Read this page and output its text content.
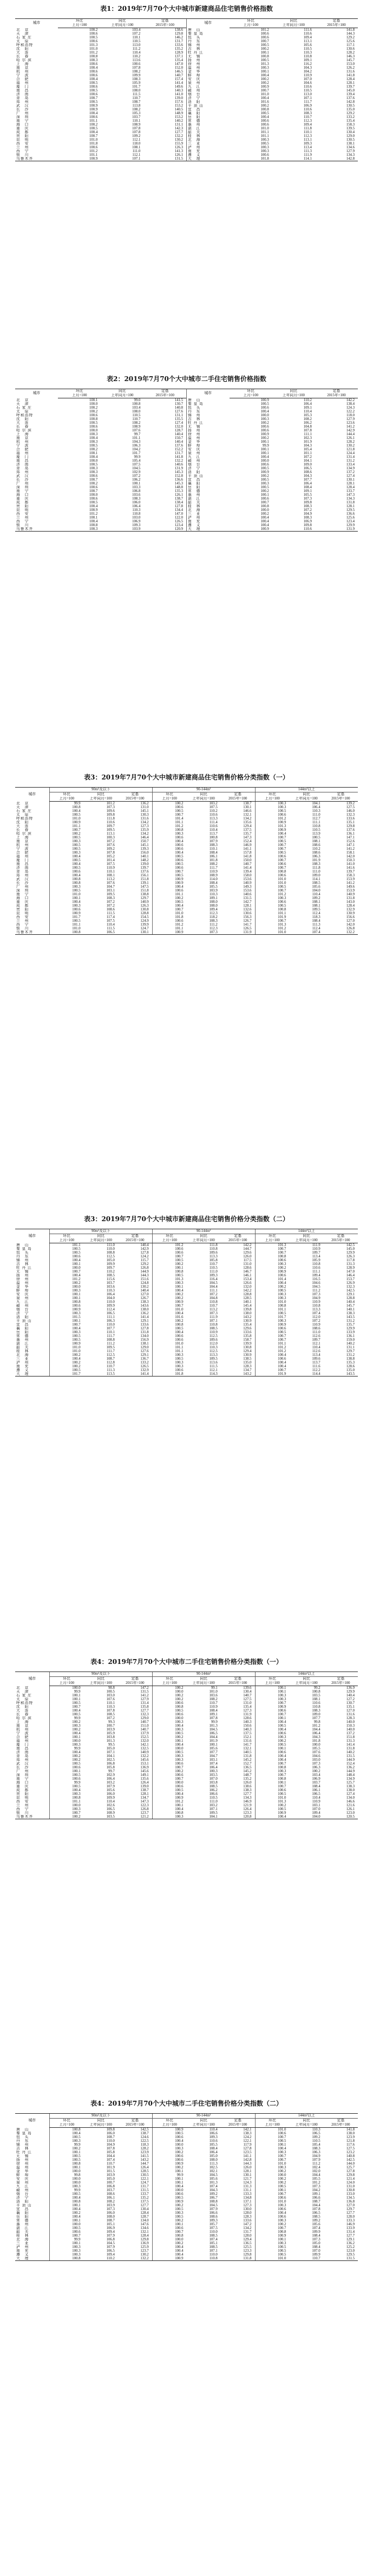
表1：2019年7月70个大中城市新建商品住宅销售价格指数
城市	环比	同比	定基	城市	环比	同比	定基
	上月=100	上年同月=100	2015年=100		上月=100	上年同月=100	2015年=100
北　京	100.2	103.4	138.6	唐　山	101.2	111.6	141.8
天　津	100.6	107.2	129.8	秦 皇 岛	100.6	110.6	144.3
石 家 庄	100.5	110.1	146.2	包　头	100.6	109.4	129.2
太　原	100.6	110.5	131.7	丹　东	100.7	113.1	125.6
呼和浩特	101.3	113.0	133.6	锦　州	100.5	105.6	117.1
沈　阳	101.0	111.2	135.2	吉　林	100.2	110.5	130.6
大　连	101.2	110.4	128.9	牡 丹 江	100.1	110.3	128.2
长　春	100.8	110.2	137.1	无　锡	100.8	110.8	146.3
哈 尔 滨	100.3	113.6	135.4	扬　州	100.5	109.1	145.7
上　海	100.6	100.6	147.0	徐　州	101.3	116.2	153.0
南　京	100.4	107.8	152.0	温　州	100.3	104.3	126.2
杭　州	100.6	108.2	146.5	金　华	100.1	104.2	131.6
宁　波	100.6	109.9	140.7	蚌　埠	100.4	110.9	141.8
合　肥	100.4	108.3	157.4	安　庆	100.2	107.0	128.4
福　州	100.5	105.9	141.4	泉　州	100.2	104.6	128.1
厦　门	100.6	101.7	149.6	九　江	100.9	110.6	139.7
南　昌	100.5	108.0	140.3	赣　州	100.7	110.5	145.0
济　南	100.6	111.5	141.0	烟　台	101.0	113.0	139.4
青　岛	100.7	110.7	139.0	济　宁	100.4	107.1	137.6
郑　州	100.5	108.7	157.6	洛　阳	101.6	111.7	142.8
武　汉	100.9	113.8	153.2	平 顶 山	100.2	106.9	130.5
长　沙	100.9	108.2	140.5	宜　昌	100.8	110.6	135.0
广　州	100.4	105.3	148.9	襄　阳	100.5	108.3	129.2
深　圳	100.6	103.7	153.2	岳　阳	100.4	110.7	133.2
南　宁	101.1	110.1	140.2	常　德	100.6	112.3	135.4
海　口	100.2	108.9	131.1	惠　州	100.6	109.4	158.3
重　庆	100.5	107.8	142.3	湛　江	101.0	111.8	139.5
成　都	100.4	107.8	127.7	韶　关	101.1	110.1	130.4
贵　阳	100.7	109.2	132.2	桂　林	101.1	112.3	129.0
昆　明	101.0	112.1	130.2	北　海	100.3	113.1	130.5
西　安	101.8	118.0	155.9	三　亚	100.5	109.3	138.1
兰　州	100.6	108.1	126.3	泸　州	100.3	113.4	134.6
西　宁	101.2	111.0	141.3	南　充	100.3	111.3	127.9
银　川	101.1	112.1	126.1	遵　义	100.6	111.9	134.3
乌鲁木齐	100.9	107.1	131.5	大　理	101.8	114.1	142.8
表2：2019年7月70个大中城市二手住宅销售价格指数
城市	环比	同比	定基	城市	环比	同比	定基
	上月=100	上年同月=100	2015年=100		上月=100	上年同月=100	2015年=100
北　京	100.1	99.0	141.5	唐　山	100.9	110.2	142.2
天　津	100.0	100.8	130.7	秦 皇 岛	100.5	106.4	138.4
石 家 庄	100.2	103.4	140.8	包　头	100.6	109.1	124.3
太　原	100.2	108.0	127.6	丹　东	100.4	110.4	122.2
呼和浩特	100.6	110.5	131.1	锦　州	100.0	105.3	118.0
沈　阳	100.8	110.7	135.5	吉　林	100.3	108.2	127.9
大　连	100.5	108.2	127.4	牡 丹 江	100.2	106.2	123.6
长　春	100.6	108.9	132.0	无　锡	100.6	104.8	141.2
哈 尔 滨	100.0	107.6	128.7	扬　州	100.6	107.8	142.9
上　海	100.3	99.7	140.4	徐　州	100.9	111.1	144.4
南　京	100.4	101.1	150.7	温　州	100.2	102.3	126.1
杭　州	100.3	104.3	140.4	金　华	100.1	101.9	128.2
宁　波	100.5	106.3	137.6	蚌　埠	99.9	104.3	130.2
合　肥	100.2	104.2	152.2	安　庆	100.1	105.4	121.8
福　州	100.1	101.7	131.7	泉　州	100.1	101.1	124.4
厦　门	100.4	99.9	141.8	九　江	100.4	107.2	131.4
南　昌	100.0	105.4	132.2	赣　州	100.0	104.1	131.2
济　南	100.5	107.5	140.6	烟　台	100.6	109.0	133.4
青　岛	100.3	104.5	131.9	济　宁	100.5	106.5	134.9
郑　州	100.3	102.9	145.3	洛　阳	100.9	108.6	137.2
武　汉	100.6	107.2	152.8	平 顶 山	100.2	104.3	127.4
长　沙	100.7	106.2	136.6	宜　昌	100.5	107.7	130.1
广　州	100.2	100.1	145.3	襄　阳	100.3	106.4	128.1
深　圳	100.6	103.3	148.8	岳　阳	100.5	108.4	128.4
南　宁	100.7	106.8	135.3	常　德	100.2	109.1	133.7
海　口	100.0	103.6	126.1	惠　州	100.1	105.5	147.3
重　庆	100.6	108.3	138.7	湛　江	100.6	107.3	134.3
成　都	100.5	106.0	138.4	韶　关	100.7	109.8	131.8
贵　阳	100.4	106.4	127.8	桂　林	100.8	108.3	128.1
昆　明	100.9	110.3	134.4	北　海	100.0	107.2	129.5
西　安	101.2	110.8	147.0	三　亚	100.2	104.9	136.6
兰　州	100.1	103.0	122.0	泸　州	100.4	108.3	125.6
西　宁	100.4	106.9	126.5	南　充	100.4	106.9	123.4
银　川	100.8	109.3	123.4	遵　义	100.4	109.8	129.9
乌鲁木齐	100.3	103.9	120.9	大　理	100.9	110.6	131.9
表3：2019年7月70个大中城市新建商品住宅销售价格分类指数（一）
城市	90m²及以下			90-144m²			144m²以上		
	环比	同比	定基	环比	同比	定基	环比	同比	定基
	上月=100	上年同月=100	2015年=100	上月=100	上年同月=100	2015年=100	上月=100	上年同月=100	2015年=100
北　京	99.9	101.2	136.2	100.2	103.2	138.7	100.3	104.1	139.2
天　津	100.8	107.3	131.0	100.6	107.5	130.1	100.3	106.4	127.5
石 家 庄	100.4	109.6	145.1	100.5	110.2	146.6	100.5	110.3	146.0
太　原	100.5	109.8	130.3	100.7	110.6	132.1	100.6	111.0	132.3
呼和浩特	101.0	111.8	131.6	101.4	113.3	134.2	101.2	112.7	133.6
沈　阳	100.9	110.6	134.2	101.1	111.4	135.6	100.9	111.1	135.1
大　连	101.1	109.7	127.3	101.2	110.6	129.4	101.3	110.8	129.8
长　春	100.7	109.5	135.9	100.8	110.4	137.5	100.9	110.5	137.6
哈 尔 滨	100.2	113.1	134.2	100.3	113.7	135.7	100.4	113.9	136.1
上　海	100.5	100.3	146.4	100.6	100.8	147.3	100.7	100.5	147.1
南　京	100.3	107.2	150.7	100.4	107.9	152.4	100.5	108.1	152.6
杭　州	100.5	107.6	145.1	100.6	108.3	146.9	100.7	108.6	147.1
宁　波	100.5	109.2	139.3	100.6	110.1	141.1	100.7	110.2	141.2
合　肥	100.3	107.8	156.0	100.4	108.4	157.8	100.5	108.6	158.1
福　州	100.4	105.2	140.1	100.5	106.1	141.8	100.6	106.3	142.0
厦　门	100.5	101.4	148.2	100.6	101.8	150.0	100.7	101.9	150.3
南　昌	100.4	107.5	139.0	100.5	108.2	140.7	100.6	108.3	141.0
济　南	100.5	110.9	139.7	100.6	111.7	141.4	100.7	111.8	141.6
青　岛	100.6	110.1	137.6	100.7	110.9	139.4	100.8	111.0	139.7
郑　州	100.4	108.1	156.1	100.5	108.9	158.0	100.6	109.0	158.3
武　汉	100.8	113.2	151.8	100.9	114.0	153.6	101.0	114.1	153.9
长　沙	100.8	107.6	139.1	100.9	108.4	140.9	101.0	108.5	141.2
广　州	100.3	104.7	147.5	100.4	105.5	149.3	100.5	105.6	149.6
深　圳	100.5	103.1	151.8	100.6	103.9	153.6	100.7	104.0	153.9
南　宁	101.0	109.5	138.8	101.1	110.3	140.6	101.2	110.4	140.9
海　口	100.1	108.3	129.7	100.2	109.1	131.5	100.3	109.2	131.8
重　庆	100.4	107.2	140.9	100.5	108.0	142.7	100.6	108.1	143.0
成　都	100.3	107.2	126.3	100.4	108.0	128.1	100.5	108.1	128.4
贵　阳	100.6	108.6	130.8	100.7	109.4	132.6	100.8	109.5	132.9
昆　明	100.9	111.5	128.8	101.0	112.3	130.6	101.1	112.4	130.9
西　安	101.7	117.4	154.5	101.8	118.2	156.3	101.9	118.3	156.6
兰　州	100.5	107.5	124.9	100.6	108.3	126.7	100.7	108.4	127.0
西　宁	101.1	110.4	139.9	101.2	111.2	141.7	101.3	111.3	142.0
银　川	101.0	111.5	124.7	101.1	112.3	126.5	101.2	112.4	126.8
乌鲁木齐	100.8	106.5	130.1	100.9	107.3	131.9	101.0	107.4	132.2
表3：2019年7月70个大中城市新建商品住宅销售价格分类指数（二）
城市	90m²及以下			90-144m²			144m²以上		
	环比	同比	定基	环比	同比	定基	环比	同比	定基
	上月=100	上年同月=100	2015年=100	上月=100	上年同月=100	2015年=100	上月=100	上年同月=100	2015年=100
唐　山	101.1	111.0	140.4	101.2	111.8	142.2	101.3	111.9	142.5
秦 皇 岛	100.5	110.0	142.9	100.6	110.8	144.7	100.7	110.9	145.0
包　头	100.5	108.8	127.8	100.6	109.6	129.6	100.7	109.7	129.9
丹　东	100.6	112.5	124.2	100.7	113.3	126.0	100.8	113.4	126.3
锦　州	100.4	105.0	115.7	100.5	105.8	117.5	100.6	105.9	117.8
吉　林	100.1	109.9	129.2	100.2	110.7	131.0	100.3	110.8	131.3
牡 丹 江	100.0	109.7	126.8	100.1	110.5	128.6	100.2	110.6	128.9
无　锡	100.7	110.2	144.9	100.8	111.0	146.7	100.9	111.1	147.0
扬　州	100.4	108.5	144.3	100.5	109.3	146.1	100.6	109.4	146.4
徐　州	101.2	115.6	151.6	101.3	116.4	153.4	101.4	116.5	153.7
温　州	100.2	103.7	124.8	100.3	104.5	126.6	100.4	104.6	126.9
金　华	100.0	103.6	130.2	100.1	104.4	132.0	100.2	104.5	132.3
蚌　埠	100.3	110.3	140.4	100.4	111.1	142.2	100.5	111.2	142.5
安　庆	100.1	106.4	127.0	100.2	107.2	128.8	100.3	107.3	129.1
泉　州	100.1	104.0	126.7	100.2	104.8	128.5	100.3	104.9	128.8
九　江	100.8	110.0	138.3	100.9	110.8	140.1	101.0	110.9	140.4
赣　州	100.6	109.9	143.6	100.7	110.7	145.4	100.8	110.8	145.7
烟　台	100.9	112.4	138.0	101.0	113.2	139.8	101.1	113.3	140.1
济　宁	100.3	106.5	136.2	100.4	107.3	138.0	100.5	107.4	138.3
洛　阳	101.5	111.1	141.4	101.6	111.9	143.2	101.7	112.0	143.5
平 顶 山	100.1	106.3	129.1	100.2	107.1	130.9	100.3	107.2	131.2
宜　昌	100.7	110.0	133.6	100.8	110.8	135.4	100.9	110.9	135.7
襄　阳	100.4	107.7	127.8	100.5	108.5	129.6	100.6	108.6	129.9
岳　阳	100.3	110.1	131.8	100.4	110.9	133.6	100.5	111.0	133.9
常　德	100.5	111.7	134.0	100.6	112.5	135.8	100.7	112.6	136.1
惠　州	100.5	108.8	156.9	100.6	109.6	158.7	100.7	109.7	159.0
湛　江	100.9	111.2	138.1	101.0	112.0	139.9	101.1	112.1	140.2
韶　关	101.0	109.5	129.0	101.1	110.3	130.8	101.2	110.4	131.1
桂　林	101.0	111.7	127.6	101.1	112.5	129.4	101.2	112.6	129.7
北　海	100.2	112.5	129.1	100.3	113.3	130.9	100.4	113.4	131.2
三　亚	100.4	108.7	136.7	100.5	109.5	138.5	100.6	109.6	138.8
泸　州	100.2	112.8	133.2	100.3	113.6	135.0	100.4	113.7	135.3
南　充	100.2	110.7	126.5	100.3	111.5	128.3	100.4	111.6	128.6
遵　义	100.5	111.3	132.9	100.6	112.1	134.7	100.7	112.2	135.0
大　理	101.7	113.5	141.4	101.8	114.3	143.2	101.9	114.4	143.5
表4：2019年7月70个大中城市二手住宅销售价格分类指数（一）
城市	90m²及以下			90-144m²			144m²以上		
	环比	同比	定基	环比	同比	定基	环比	同比	定基
	上月=100	上年同月=100	2015年=100	上月=100	上年同月=100	2015年=100	上月=100	上年同月=100	2015年=100
北　京	100.0	98.8	147.2	100.2	99.1	139.6	100.1	99.2	136.9
天　津	99.9	100.5	131.5	100.0	101.0	130.4	100.1	100.8	129.9
石 家 庄	100.1	103.0	141.2	100.2	103.6	140.7	100.3	103.5	140.4
太　原	100.1	107.6	127.9	100.2	108.2	127.5	100.3	108.1	127.2
呼和浩特	100.5	110.1	131.4	100.6	110.7	131.0	100.7	110.6	130.7
沈　阳	100.7	110.3	135.8	100.8	110.9	135.4	100.9	110.8	135.1
大　连	100.4	107.8	127.7	100.5	108.4	127.3	100.6	108.3	127.0
长　春	100.5	108.5	132.3	100.6	109.1	131.9	100.7	109.0	131.6
哈 尔 滨	99.9	107.2	129.0	100.0	107.8	128.6	100.1	107.7	128.3
上　海	100.2	99.3	140.7	100.3	99.9	140.3	100.4	99.8	140.0
南　京	100.3	100.7	151.0	100.4	101.3	150.6	100.5	101.2	150.3
杭　州	100.2	103.9	140.7	100.3	104.5	140.3	100.4	104.4	140.0
宁　波	100.4	105.9	137.9	100.5	106.5	137.5	100.6	106.4	137.2
合　肥	100.1	103.8	152.5	100.2	104.4	152.1	100.3	104.3	151.8
福　州	100.0	101.3	132.0	100.1	101.9	131.6	100.2	101.8	131.3
厦　门	100.3	99.5	142.1	100.4	100.1	141.7	100.5	100.0	141.4
南　昌	99.9	105.0	132.5	100.0	105.6	132.1	100.1	105.5	131.8
济　南	100.4	107.1	140.9	100.5	107.7	140.5	100.6	107.6	140.2
青　岛	100.2	104.1	132.2	100.3	104.7	131.8	100.4	104.6	131.5
郑　州	100.2	102.5	145.6	100.3	103.1	145.2	100.4	103.0	144.9
武　汉	100.5	106.8	153.1	100.6	107.4	152.7	100.7	107.3	152.4
长　沙	100.6	105.8	136.9	100.7	106.4	136.5	100.8	106.3	136.2
广　州	100.1	99.7	145.6	100.2	100.3	145.2	100.3	100.2	144.9
深　圳	100.5	102.9	149.1	100.6	103.5	148.7	100.7	103.4	148.4
南　宁	100.6	106.4	135.6	100.7	107.0	135.2	100.8	106.9	134.9
海　口	99.9	103.2	126.4	100.0	103.8	126.0	100.1	103.7	125.7
重　庆	100.5	107.9	139.0	100.6	108.5	138.6	100.7	108.4	138.3
成　都	100.4	105.6	138.7	100.5	106.2	138.3	100.6	106.1	138.0
贵　阳	100.3	106.0	128.1	100.4	106.6	127.7	100.5	106.5	127.4
昆　明	100.8	109.9	134.7	100.9	110.5	134.3	101.0	110.4	134.0
西　安	101.1	110.4	147.3	101.2	111.0	146.9	101.3	110.9	146.6
兰　州	100.0	102.6	122.3	100.1	103.2	121.9	100.2	103.1	121.6
西　宁	100.3	106.5	126.8	100.4	107.1	126.4	100.5	107.0	126.1
银　川	100.7	108.9	123.7	100.8	109.5	123.3	100.9	109.4	123.0
乌鲁木齐	100.2	103.5	121.2	100.3	104.1	120.8	100.4	104.0	120.5
表4：2019年7月70个大中城市二手住宅销售价格分类指数（二）
城市	90m²及以下			90-144m²			144m²以上		
	环比	同比	定基	环比	同比	定基	环比	同比	定基
	上月=100	上年同月=100	2015年=100	上月=100	上年同月=100	2015年=100	上月=100	上年同月=100	2015年=100
唐　山	100.8	109.8	142.5	100.9	110.4	142.1	101.0	110.3	141.8
秦 皇 岛	100.4	106.0	138.7	100.5	106.6	138.3	100.6	106.5	138.0
包　头	100.5	108.7	124.6	100.6	109.3	124.2	100.7	109.2	123.9
丹　东	100.3	110.0	122.5	100.4	110.6	122.1	100.5	110.5	121.8
锦　州	99.9	104.9	118.3	100.0	105.5	117.9	100.1	105.4	117.6
吉　林	100.2	107.8	128.2	100.3	108.4	127.8	100.4	108.3	127.5
牡 丹 江	100.1	105.8	123.9	100.2	106.4	123.5	100.3	106.3	123.2
无　锡	100.5	104.4	141.5	100.6	105.0	141.1	100.7	104.9	140.8
扬　州	100.5	107.4	143.2	100.6	108.0	142.8	100.7	107.9	142.5
徐　州	100.8	110.7	144.7	100.9	111.3	144.3	101.0	111.2	144.0
温　州	100.1	101.9	126.4	100.2	102.5	126.0	100.3	102.4	125.7
金　华	100.0	101.5	128.5	100.1	102.1	128.1	100.2	102.0	127.8
蚌　埠	99.8	103.9	130.5	99.9	104.5	130.1	100.0	104.4	129.8
安　庆	100.0	105.0	122.1	100.1	105.6	121.7	100.2	105.5	121.4
泉　州	100.0	100.7	124.7	100.1	101.3	124.3	100.2	101.2	124.0
九　江	100.3	106.8	131.7	100.4	107.4	131.3	100.5	107.3	131.0
赣　州	99.9	103.7	131.5	100.0	104.3	131.1	100.1	104.2	130.8
烟　台	100.5	108.6	133.7	100.6	109.2	133.3	100.7	109.1	133.0
济　宁	100.4	106.1	135.2	100.5	106.7	134.8	100.6	106.6	134.5
洛　阳	100.8	108.2	137.5	100.9	108.8	137.1	101.0	108.7	136.8
平 顶 山	100.1	103.9	127.7	100.2	104.5	127.3	100.3	104.4	127.0
宜　昌	100.4	107.3	130.4	100.5	107.9	130.0	100.6	107.8	129.7
襄　阳	100.2	106.0	128.4	100.3	106.6	128.0	100.4	106.5	127.7
岳　阳	100.4	108.0	128.7	100.5	108.6	128.3	100.6	108.5	128.0
常　德	100.1	108.7	134.0	100.2	109.3	133.6	100.3	109.2	133.3
惠　州	100.0	105.1	147.6	100.1	105.7	147.2	100.2	105.6	146.9
湛　江	100.5	106.9	134.6	100.6	107.5	134.2	100.7	107.4	133.9
韶　关	100.6	109.4	132.1	100.7	110.0	131.7	100.8	109.9	131.4
桂　林	100.7	107.9	128.4	100.8	108.5	128.0	100.9	108.4	127.7
北　海	99.9	106.8	129.8	100.0	107.4	129.4	100.1	107.3	129.1
三　亚	100.1	104.5	136.9	100.2	105.1	136.5	100.3	105.0	136.2
泸　州	100.3	107.9	125.9	100.4	108.5	125.5	100.5	108.4	125.2
南　充	100.3	106.5	123.7	100.4	107.1	123.3	100.5	107.0	123.0
遵　义	100.3	109.4	130.2	100.4	110.0	129.8	100.5	109.9	129.5
大　理	100.8	110.2	132.2	100.9	110.8	131.8	101.0	110.7	131.5
